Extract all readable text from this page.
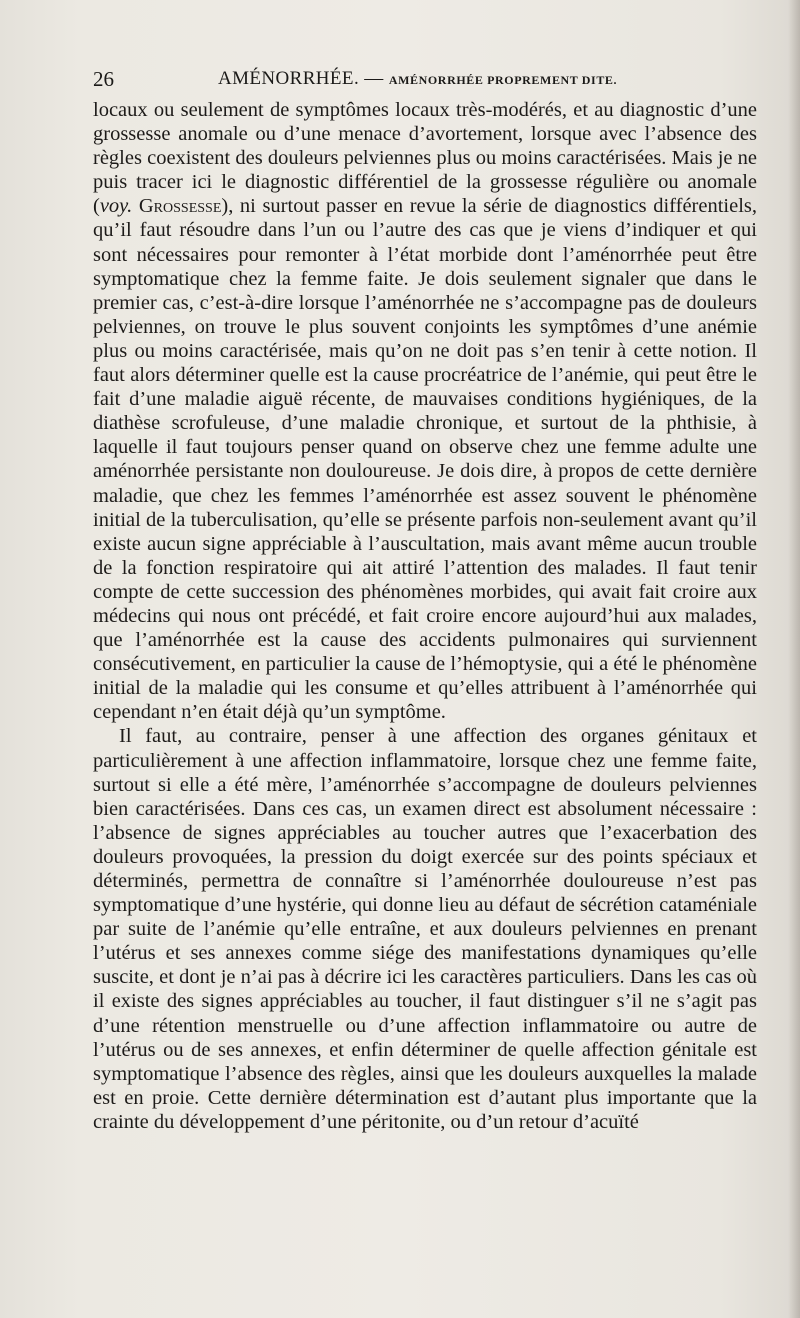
26	AMÉNORRHÉE. — AMÉNORRHÉE PROPREMENT DITE.

locaux ou seulement de symptômes locaux très-modérés, et au diagnostic d’une grossesse anomale ou d’une menace d’avortement, lorsque avec l’absence des règles coexistent des douleurs pelviennes plus ou moins caractérisées. Mais je ne puis tracer ici le diagnostic différentiel de la grossesse régulière ou anomale (voy. Grossesse), ni surtout passer en revue la série de diagnostics différentiels, qu’il faut résoudre dans l’un ou l’autre des cas que je viens d’indiquer et qui sont nécessaires pour remonter à l’état morbide dont l’aménorrhée peut être symptomatique chez la femme faite. Je dois seulement signaler que dans le premier cas, c’est-à-dire lorsque l’aménorrhée ne s’accompagne pas de douleurs pelviennes, on trouve le plus souvent conjoints les symptômes d’une anémie plus ou moins caractérisée, mais qu’on ne doit pas s’en tenir à cette notion. Il faut alors déterminer quelle est la cause procréatrice de l’anémie, qui peut être le fait d’une maladie aiguë récente, de mauvaises conditions hygiéniques, de la diathèse scrofuleuse, d’une maladie chronique, et surtout de la phthisie, à laquelle il faut toujours penser quand on observe chez une femme adulte une aménorrhée persistante non douloureuse. Je dois dire, à propos de cette dernière maladie, que chez les femmes l’aménorrhée est assez souvent le phénomène initial de la tuberculisation, qu’elle se présente parfois non-seulement avant qu’il existe aucun signe appréciable à l’auscultation, mais avant même aucun trouble de la fonction respiratoire qui ait attiré l’attention des malades. Il faut tenir compte de cette succession des phénomènes morbides, qui avait fait croire aux médecins qui nous ont précédé, et fait croire encore aujourd’hui aux malades, que l’aménorrhée est la cause des accidents pulmonaires qui surviennent consécutivement, en particulier la cause de l’hémoptysie, qui a été le phénomène initial de la maladie qui les consume et qu’elles attribuent à l’aménorrhée qui cependant n’en était déjà qu’un symptôme.

Il faut, au contraire, penser à une affection des organes génitaux et particulièrement à une affection inflammatoire, lorsque chez une femme faite, surtout si elle a été mère, l’aménorrhée s’accompagne de douleurs pelviennes bien caractérisées. Dans ces cas, un examen direct est absolument nécessaire : l’absence de signes appréciables au toucher autres que l’exacerbation des douleurs provoquées, la pression du doigt exercée sur des points spéciaux et déterminés, permettra de connaître si l’aménorrhée douloureuse n’est pas symptomatique d’une hystérie, qui donne lieu au défaut de sécrétion cataméniale par suite de l’anémie qu’elle entraîne, et aux douleurs pelviennes en prenant l’utérus et ses annexes comme siége des manifestations dynamiques qu’elle suscite, et dont je n’ai pas à décrire ici les caractères particuliers. Dans les cas où il existe des signes appréciables au toucher, il faut distinguer s’il ne s’agit pas d’une rétention menstruelle ou d’une affection inflammatoire ou autre de l’utérus ou de ses annexes, et enfin déterminer de quelle affection génitale est symptomatique l’absence des règles, ainsi que les douleurs auxquelles la malade est en proie. Cette dernière détermination est d’autant plus importante que la crainte du développement d’une péritonite, ou d’un retour d’acuïté
